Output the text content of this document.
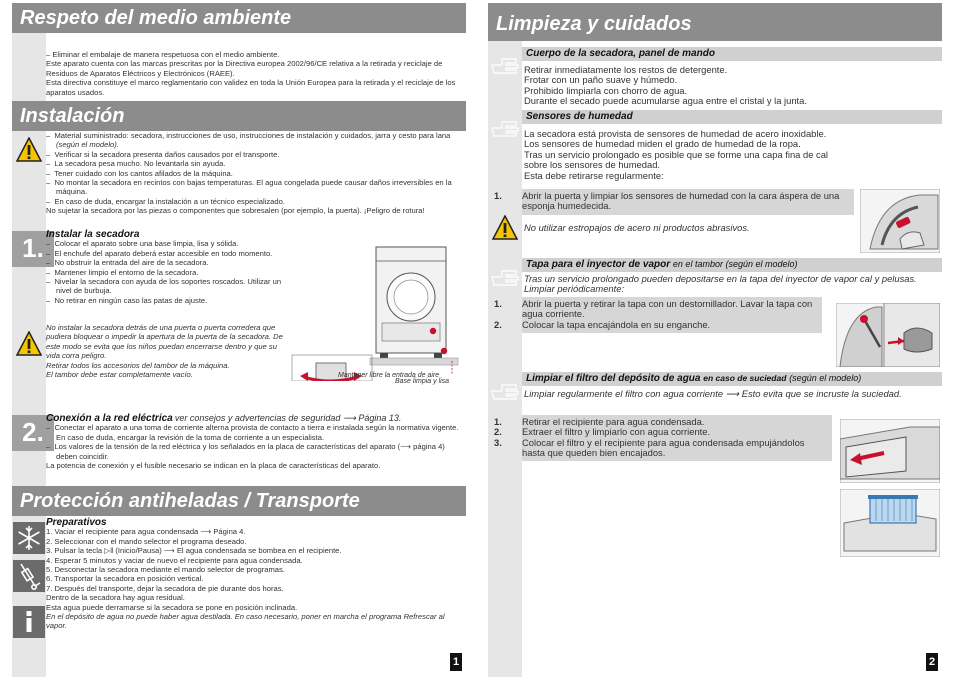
Respeto del medio ambiente

– Eliminar el embalaje de manera respetuosa con el medio ambiente.

Este aparato cuenta con las marcas prescritas por la Directiva europea 2002/96/CE relativa a la retirada y reciclaje de Residuos de Aparatos Eléctricos y Electrónicos (RAEE).

Esta directiva constituye el marco reglamentario con validez en toda la Unión Europea para la retirada y el reciclaje de los aparatos usados.

Instalación

–  Material suministrado: secadora, instrucciones de uso, instrucciones de instalación y cuidados, jarra y cesto para lana (según el modelo).

–  Verificar si la secadora presenta daños causados por el transporte.

–  La secadora pesa mucho. No levantarla sin ayuda.

–  Tener cuidado con los cantos afilados de la máquina.

–  No montar la secadora en recintos con bajas temperaturas. El agua congelada puede causar daños irreversibles en la máquina.

–  En caso de duda, encargar la instalación a un técnico especializado.

No sujetar la secadora por las piezas o componentes que sobresalen (por ejemplo, la puerta). ¡Peligro de rotura!

1. Instalar la secadora

–  Colocar el aparato sobre una base limpia, lisa y sólida.

–  El enchufe del aparato deberá estar accesible en todo momento.

–  No obstruir la entrada del aire de la secadora.

–  Mantener limpio el entorno de la secadora.

–  Nivelar la secadora con ayuda de los soportes roscados. Utilizar un nivel de burbuja.

–  No retirar en ningún caso las patas de ajuste.

No instalar la secadora detrás de una puerta o puerta corredera que pudiera bloquear o impedir la apertura de la puerta de la secadora. De este modo se evita que los niños puedan encerrarse dentro y que su vida corra peligro.

Retirar todos los accesorios del tambor de la máquina.

El tambor debe estar completamente vacío.

Base limpia y lisa
Mantener libre la entrada de aire
2. Conexión a la red eléctrica ver consejos y advertencias de seguridad ⟶ Página 13.

–  Conectar el aparato a una toma de corriente alterna provista de contacto a tierra e instalada según la normativa vigente. En caso de duda, encargar la revisión de la toma de corriente a un especialista.

–  Los valores de la tensión de la red eléctrica y los señalados en la placa de características del aparato (⟶ página 4) deben coincidir.

La potencia de conexión y el fusible necesario se indican en la placa de características del aparato.

Protección antiheladas / Transporte

Preparativos

1. Vaciar el recipiente para agua condensada ⟶ Página 4.

2. Seleccionar con el mando selector el programa deseado.

3. Pulsar la tecla ▷‖ (Inicio/Pausa) ⟶ El agua condensada se bombea en el recipiente.

4. Esperar 5 minutos y vaciar de nuevo el recipiente para agua condensada.

5. Desconectar la secadora mediante el mando selector de programas.

6. Transportar la secadora en posición vertical.

7. Después del transporte, dejar la secadora de pie durante dos horas.

Dentro de la secadora hay agua residual.

Esta agua puede derramarse si la secadora se pone en posición inclinada.

En el depósito de agua no puede haber agua destilada. En caso necesario, poner en marcha el programa Refrescar al vapor.

1
Limpieza y cuidados
Cuerpo de la secadora, panel de mando

Retirar inmediatamente los restos de detergente.

Frotar con un paño suave y húmedo.

Prohibido limpiarla con chorro de agua.

Durante el secado puede acumularse agua entre el cristal y la junta.

Sensores de humedad

La secadora está provista de sensores de humedad de acero inoxidable.

Los sensores de humedad miden el grado de humedad de la ropa.

Tras un servicio prolongado es posible que se forme una capa fina de cal sobre los sensores de humedad.

Esta debe retirarse regularmente:

1. Abrir la puerta y limpiar los sensores de humedad con la cara áspera de una esponja humedecida.

No utilizar estropajos de acero ni productos abrasivos.
Tapa para el inyector de vapor en el tambor (según el modelo)
Tras un servicio prolongado pueden depositarse en la tapa del inyector de vapor cal y pelusas. Limpiar periódicamente:

1. Abrir la puerta y retirar la tapa con un destornillador. Lavar la tapa con agua corriente.

2. Colocar la tapa encajándola en su enganche.

Limpiar el filtro del depósito de agua en caso de suciedad (según el modelo)
Limpiar regularmente el filtro con agua corriente ⟶ Esto evita que se incruste la suciedad.

1. Retirar el recipiente para agua condensada.

2. Extraer el filtro y limpiarlo con agua corriente.

3. Colocar el filtro y el recipiente para agua condensada empujándolos hasta que queden bien encajados.

2
